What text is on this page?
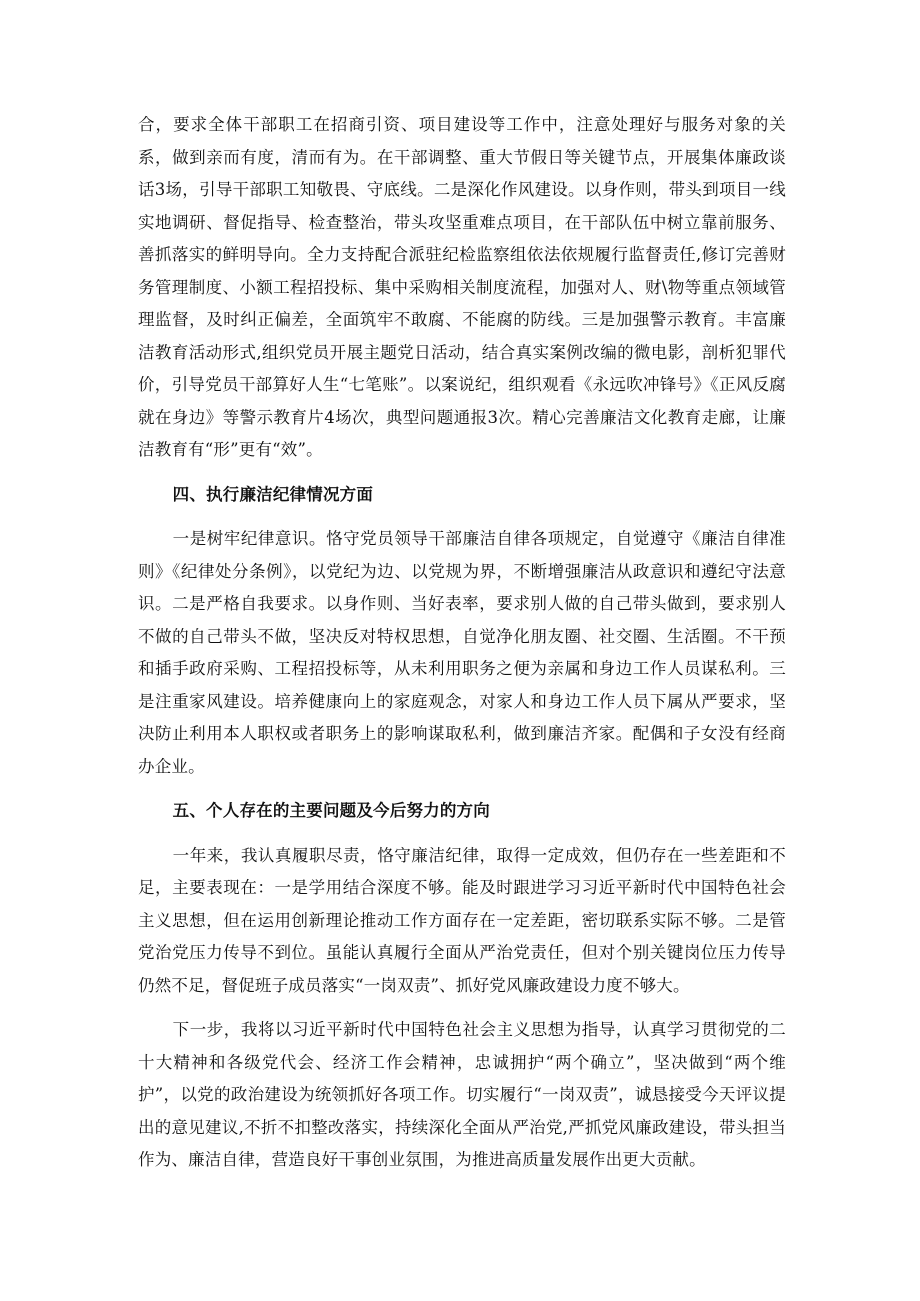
合，要求全体干部职工在招商引资、项目建设等工作中，注意处理好与服务对象的关系，做到亲而有度，清而有为。在干部调整、重大节假日等关键节点，开展集体廉政谈话3场，引导干部职工知敬畏、守底线。二是深化作风建设。以身作则，带头到项目一线实地调研、督促指导、检查整治，带头攻坚重难点项目，在干部队伍中树立靠前服务、善抓落实的鲜明导向。全力支持配合派驻纪检监察组依法依规履行监督责任,修订完善财务管理制度、小额工程招投标、集中采购相关制度流程，加强对人、财\物等重点领域管理监督，及时纠正偏差，全面筑牢不敢腐、不能腐的防线。三是加强警示教育。丰富廉洁教育活动形式,组织党员开展主题党日活动，结合真实案例改编的微电影，剖析犯罪代价，引导党员干部算好人生“七笔账”。以案说纪，组织观看《永远吹冲锋号》《正风反腐就在身边》等警示教育片4场次，典型问题通报3次。精心完善廉洁文化教育走廊，让廉洁教育有“形”更有“效”。

四、执行廉洁纪律情况方面

一是树牢纪律意识。恪守党员领导干部廉洁自律各项规定，自觉遵守《廉洁自律准则》《纪律处分条例》，以党纪为边、以党规为界，不断增强廉洁从政意识和遵纪守法意识。二是严格自我要求。以身作则、当好表率，要求别人做的自己带头做到，要求别人不做的自己带头不做，坚决反对特权思想，自觉净化朋友圈、社交圈、生活圈。不干预和插手政府采购、工程招投标等，从未利用职务之便为亲属和身边工作人员谋私利。三是注重家风建设。培养健康向上的家庭观念，对家人和身边工作人员下属从严要求，坚决防止利用本人职权或者职务上的影响谋取私利，做到廉洁齐家。配偶和子女没有经商办企业。

五、个人存在的主要问题及今后努力的方向

一年来，我认真履职尽责，恪守廉洁纪律，取得一定成效，但仍存在一些差距和不足，主要表现在：一是学用结合深度不够。能及时跟进学习习近平新时代中国特色社会主义思想，但在运用创新理论推动工作方面存在一定差距，密切联系实际不够。二是管党治党压力传导不到位。虽能认真履行全面从严治党责任，但对个别关键岗位压力传导仍然不足，督促班子成员落实“一岗双责”、抓好党风廉政建设力度不够大。

下一步，我将以习近平新时代中国特色社会主义思想为指导，认真学习贯彻党的二十大精神和各级党代会、经济工作会精神，忠诚拥护“两个确立”，坚决做到“两个维护”，以党的政治建设为统领抓好各项工作。切实履行“一岗双责”，诚恳接受今天评议提出的意见建议,不折不扣整改落实，持续深化全面从严治党,严抓党风廉政建设，带头担当作为、廉洁自律，营造良好干事创业氛围，为推进高质量发展作出更大贡献。
